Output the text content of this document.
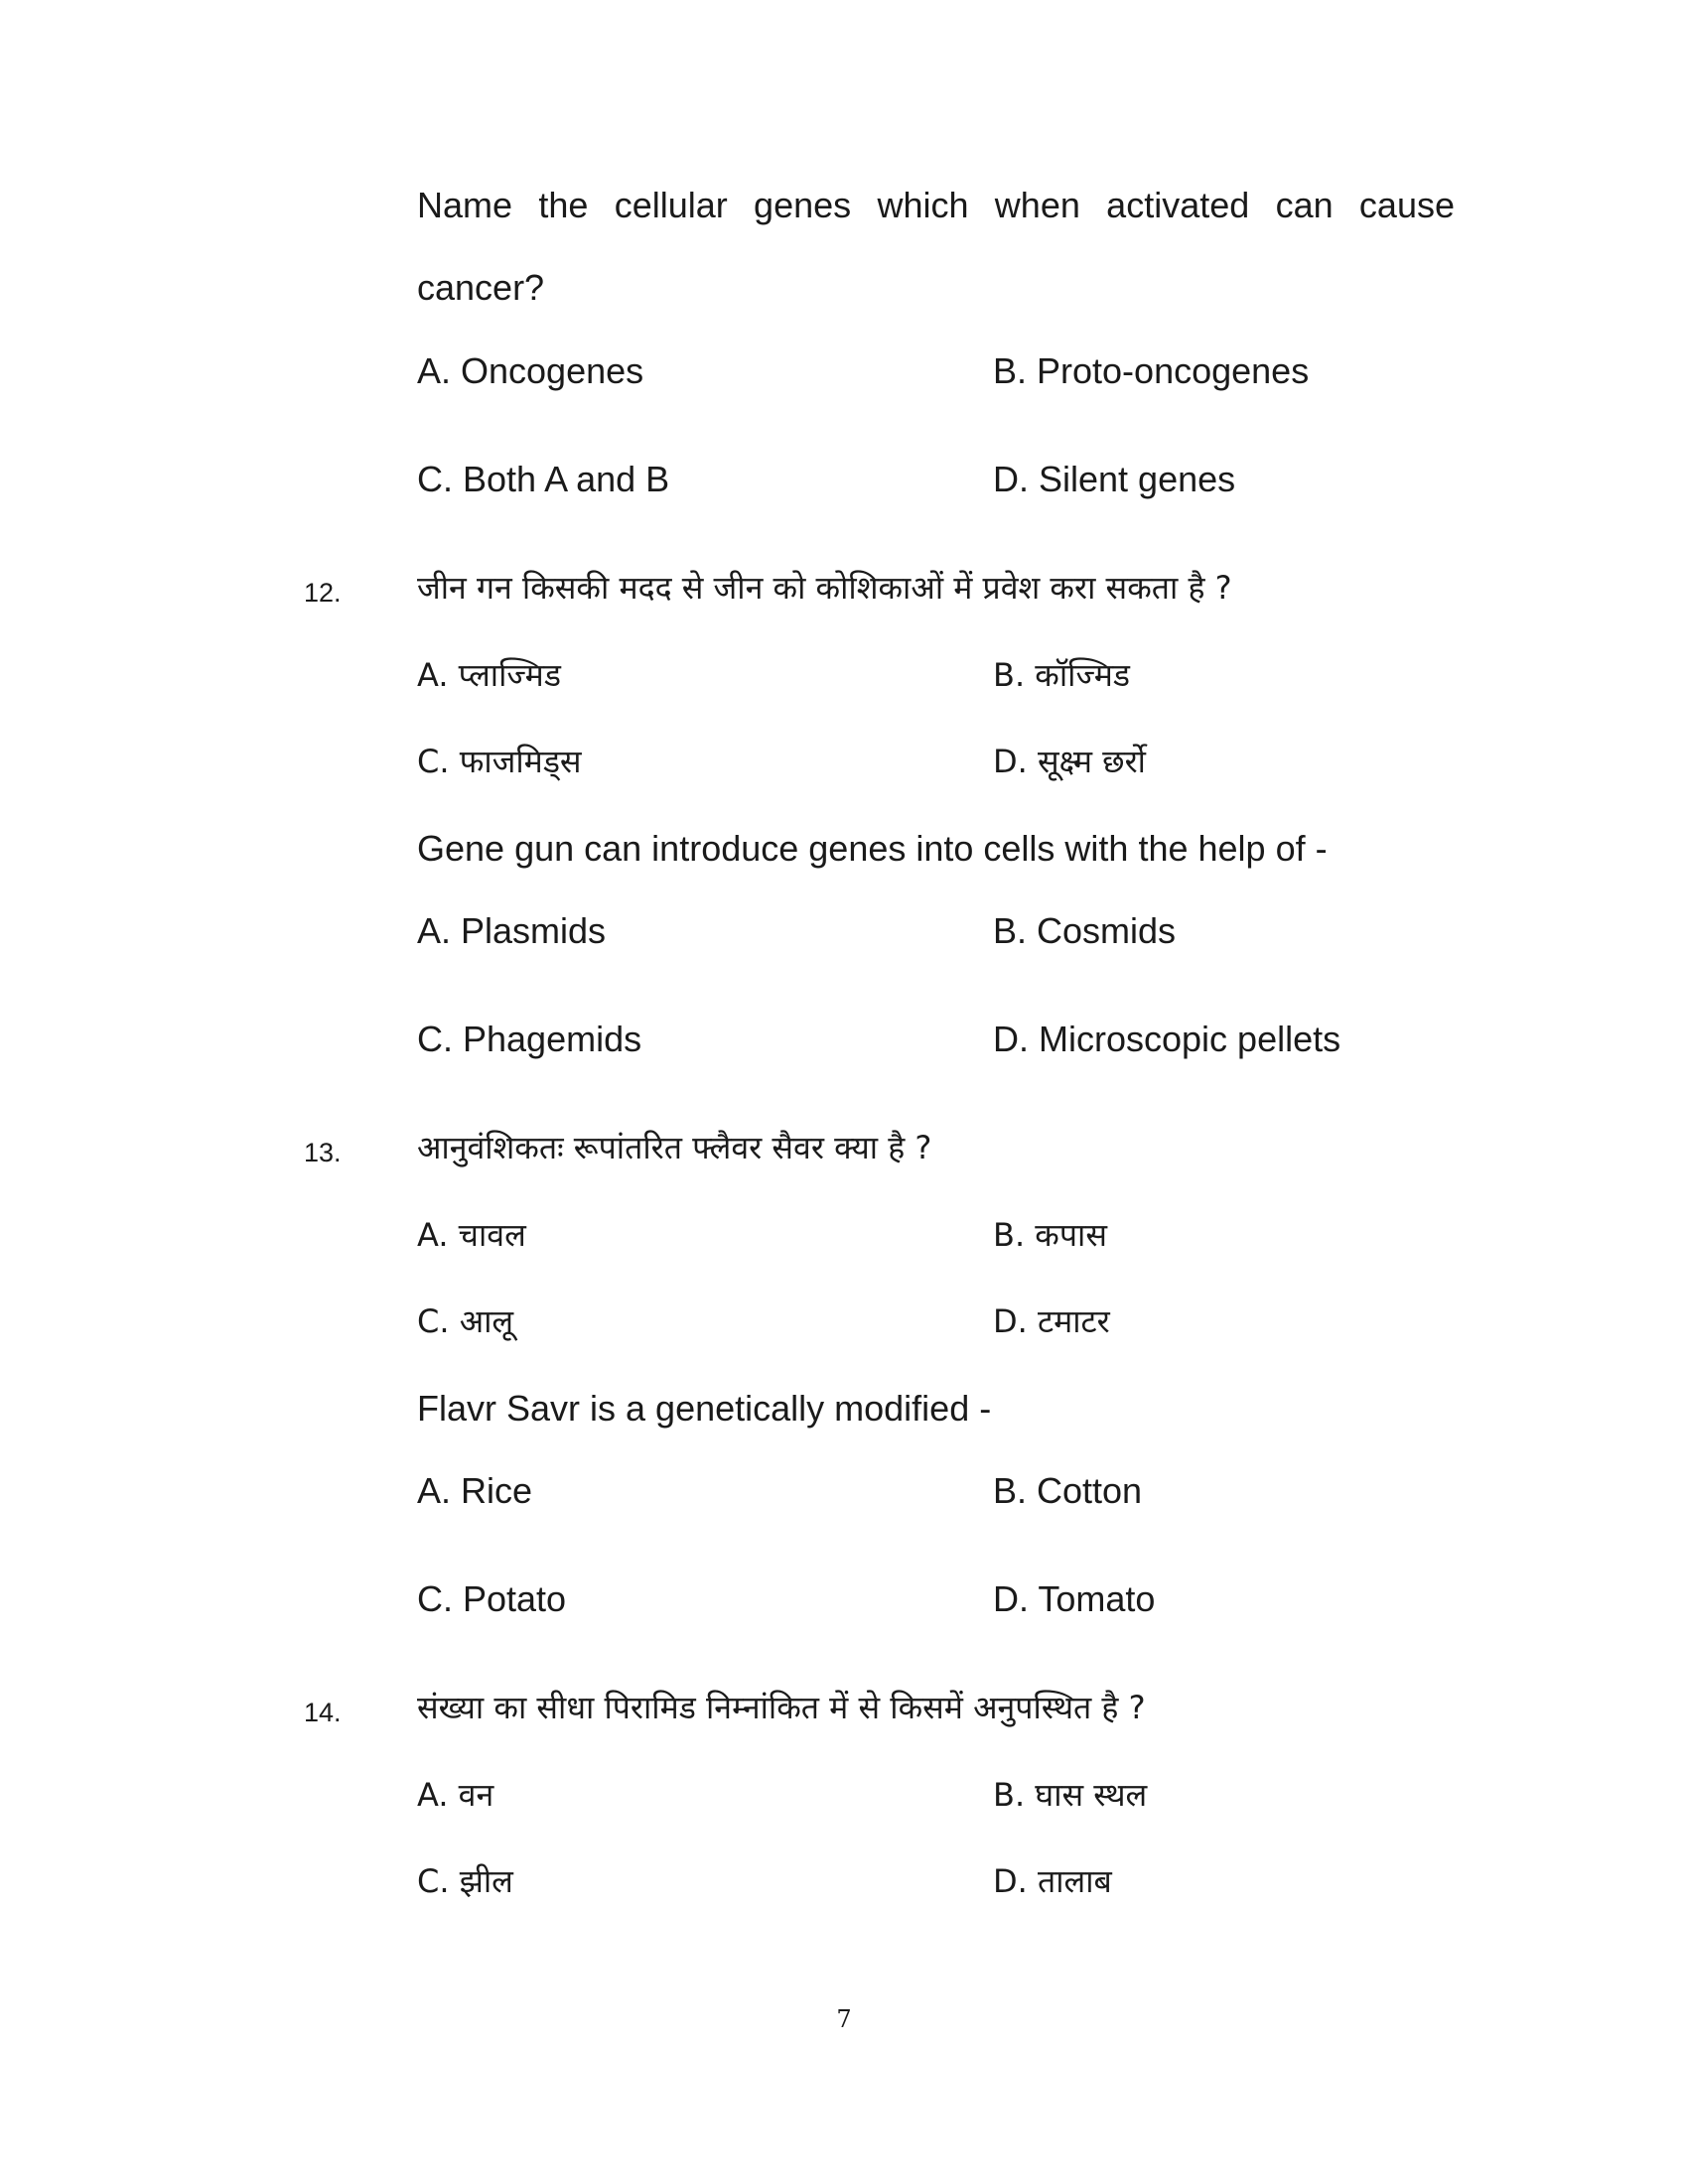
Name the cellular genes which when activated can cause
cancer?
A. Oncogenes	B. Proto-oncogenes
C. Both A and B	D. Silent genes
12. जीन गन किसकी मदद से जीन को कोशिकाओं में प्रवेश करा सकता है ?
A. प्लाज्मिड	B. कॉज्मिड
C. फाजमिड्स	D. सूक्ष्म छर्रो
Gene gun can introduce genes into cells with the help of -
A. Plasmids	B. Cosmids
C. Phagemids	D. Microscopic pellets
13. आनुवंशिकतः रूपांतरित फ्लैवर सैवर क्या है ?
A. चावल	B. कपास
C. आलू	D. टमाटर
Flavr Savr is a genetically modified -
A. Rice	B. Cotton
C. Potato	D. Tomato
14. संख्या का सीधा पिरामिड निम्नांकित में से किसमें अनुपस्थित है ?
A. वन	B. घास स्थल
C. झील	D. तालाब
7
